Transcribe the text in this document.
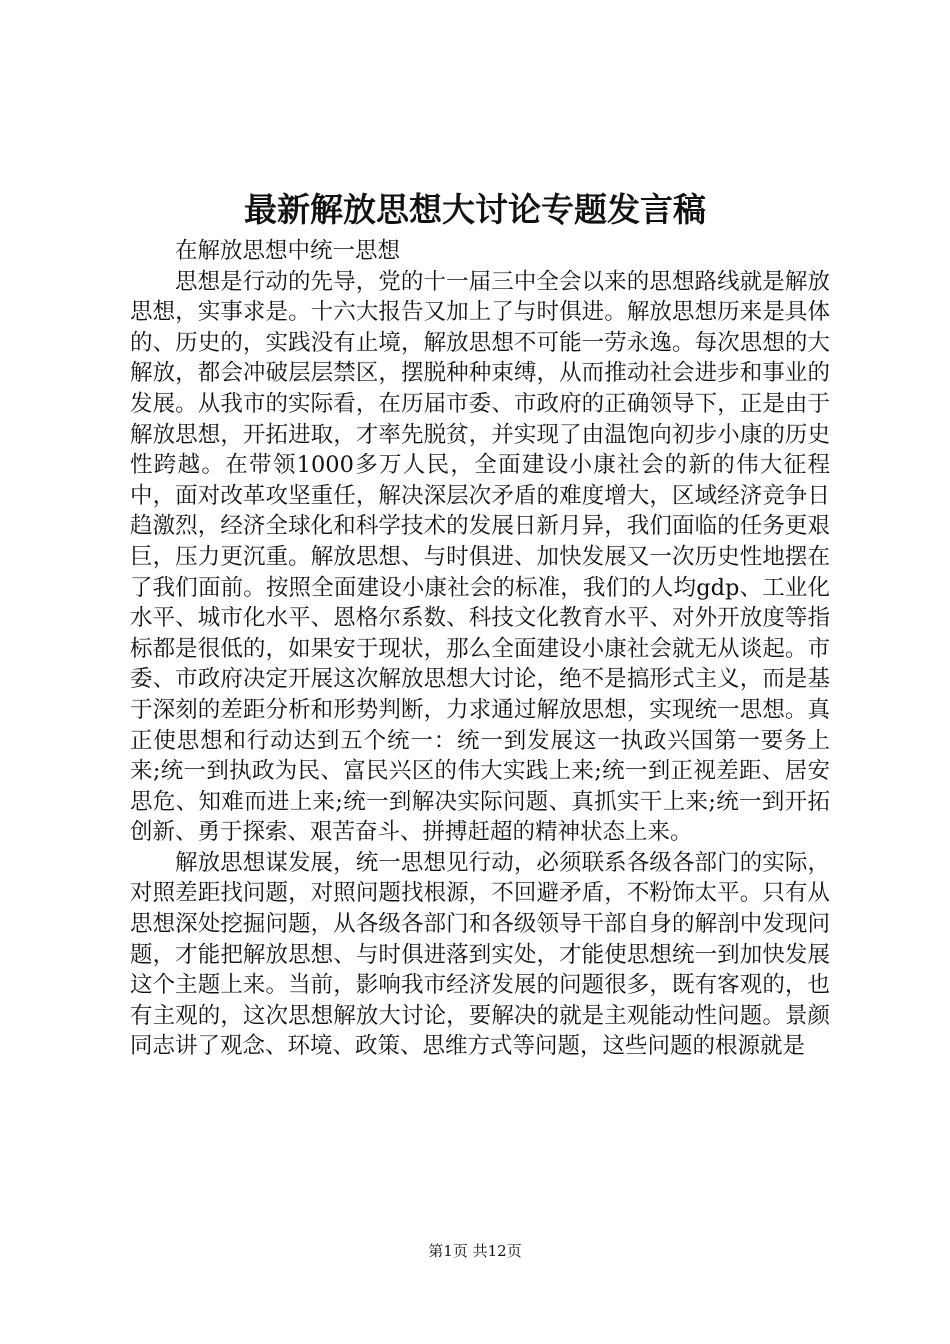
最新解放思想大讨论专题发言稿

在解放思想中统一思想

思想是行动的先导，党的十一届三中全会以来的思想路线就是解放思想，实事求是。十六大报告又加上了与时俱进。解放思想历来是具体的、历史的，实践没有止境，解放思想不可能一劳永逸。每次思想的大解放，都会冲破层层禁区，摆脱种种束缚，从而推动社会进步和事业的发展。从我市的实际看，在历届市委、市政府的正确领导下，正是由于解放思想，开拓进取，才率先脱贫，并实现了由温饱向初步小康的历史性跨越。在带领1000多万人民，全面建设小康社会的新的伟大征程中，面对改革攻坚重任，解决深层次矛盾的难度增大，区域经济竞争日趋激烈，经济全球化和科学技术的发展日新月异，我们面临的任务更艰巨，压力更沉重。解放思想、与时俱进、加快发展又一次历史性地摆在了我们面前。按照全面建设小康社会的标准，我们的人均gdp、工业化水平、城市化水平、恩格尔系数、科技文化教育水平、对外开放度等指标都是很低的，如果安于现状，那么全面建设小康社会就无从谈起。市委、市政府决定开展这次解放思想大讨论，绝不是搞形式主义，而是基于深刻的差距分析和形势判断，力求通过解放思想，实现统一思想。真正使思想和行动达到五个统一：统一到发展这一执政兴国第一要务上来;统一到执政为民、富民兴区的伟大实践上来;统一到正视差距、居安思危、知难而进上来;统一到解决实际问题、真抓实干上来;统一到开拓创新、勇于探索、艰苦奋斗、拼搏赶超的精神状态上来。

解放思想谋发展，统一思想见行动，必须联系各级各部门的实际，对照差距找问题，对照问题找根源，不回避矛盾，不粉饰太平。只有从思想深处挖掘问题，从各级各部门和各级领导干部自身的解剖中发现问题，才能把解放思想、与时俱进落到实处，才能使思想统一到加快发展这个主题上来。当前，影响我市经济发展的问题很多，既有客观的，也有主观的，这次思想解放大讨论，要解决的就是主观能动性问题。景颜同志讲了观念、环境、政策、思维方式等问题，这些问题的根源就是

第1页 共12页
